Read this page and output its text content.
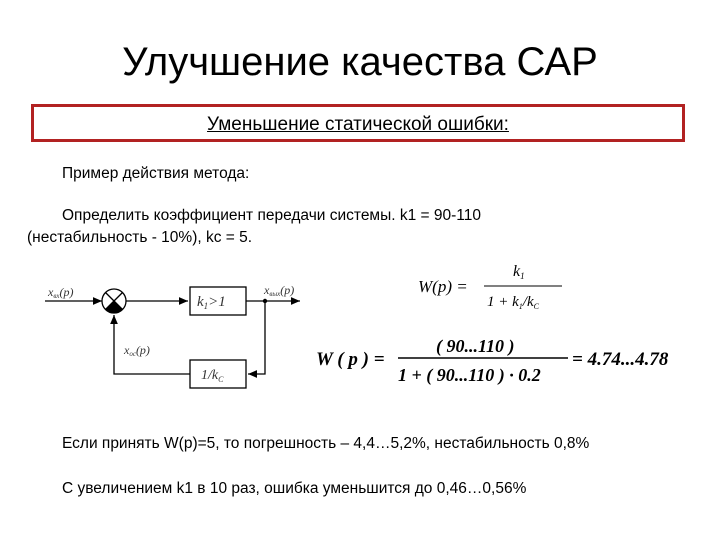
Улучшение качества САР
Уменьшение статической ошибки:
Пример действия метода:
Определить коэффициент передачи системы. k1 = 90-110
(нестабильность - 10%), kс = 5.
xвх(p)	xвых(p)
xос(p)
$k_1>1$
$1/k_C$
W(p) =
k1
$1 + k_1/k_C$
W ( p ) =
( 90...110 )
1 + ( 90...110 ) · 0.2
= 4.74...4.78
Если принять W(p)=5, то погрешность – 4,4…5,2%, нестабильность 0,8%
С увеличением k1 в 10 раз, ошибка уменьшится до 0,46…0,56%
